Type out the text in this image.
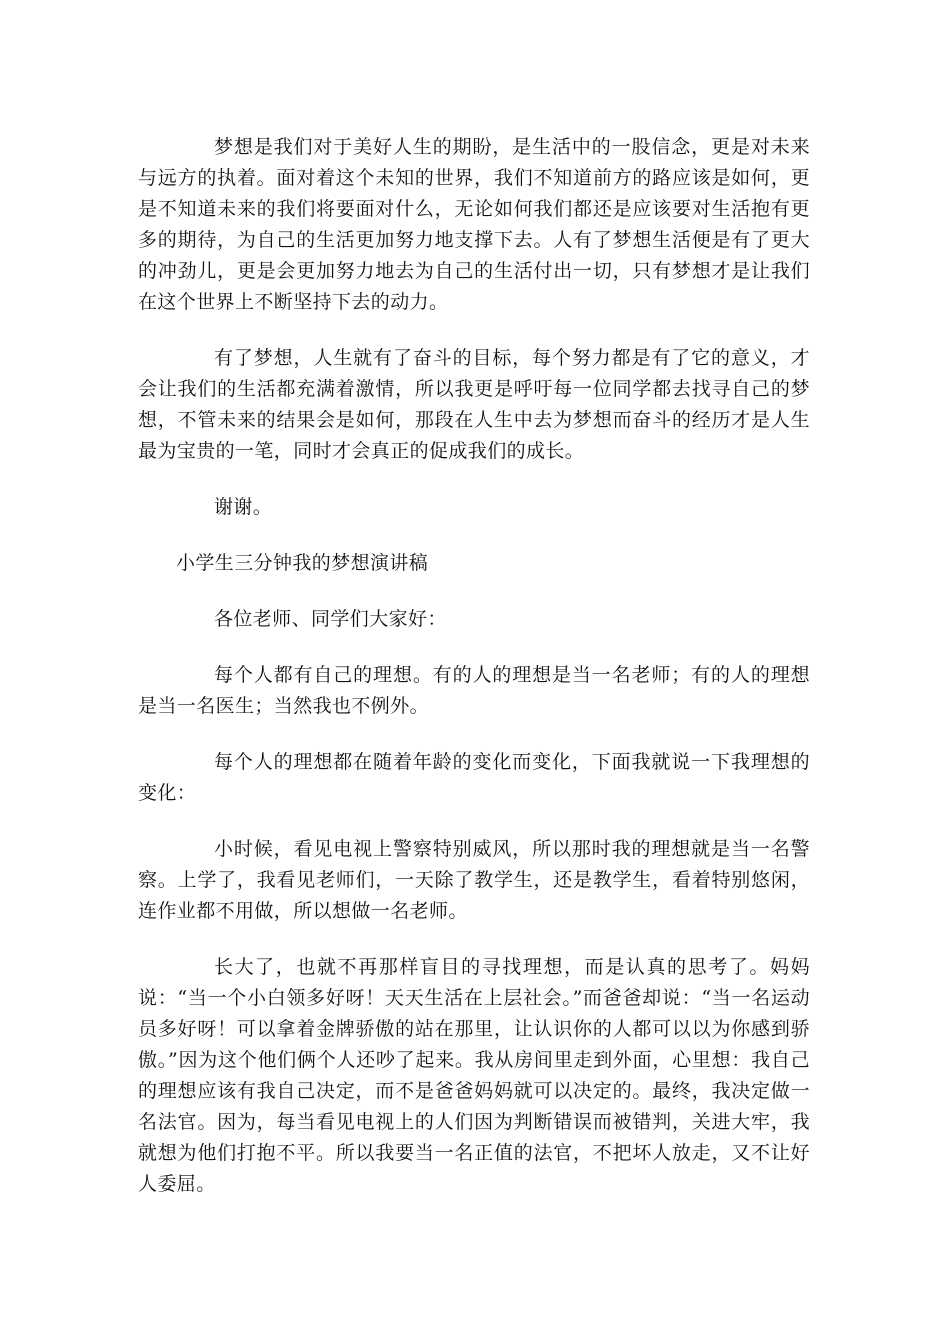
梦想是我们对于美好人生的期盼，是生活中的一股信念，更是对未来与远方的执着。面对着这个未知的世界，我们不知道前方的路应该是如何，更是不知道未来的我们将要面对什么，无论如何我们都还是应该要对生活抱有更多的期待，为自己的生活更加努力地支撑下去。人有了梦想生活便是有了更大的冲劲儿，更是会更加努力地去为自己的生活付出一切，只有梦想才是让我们在这个世界上不断坚持下去的动力。

有了梦想，人生就有了奋斗的目标，每个努力都是有了它的意义，才会让我们的生活都充满着激情，所以我更是呼吁每一位同学都去找寻自己的梦想，不管未来的结果会是如何，那段在人生中去为梦想而奋斗的经历才是人生最为宝贵的一笔，同时才会真正的促成我们的成长。

谢谢。

小学生三分钟我的梦想演讲稿

各位老师、同学们大家好：

每个人都有自己的理想。有的人的理想是当一名老师；有的人的理想是当一名医生；当然我也不例外。

每个人的理想都在随着年龄的变化而变化，下面我就说一下我理想的变化：

小时候，看见电视上警察特别威风，所以那时我的理想就是当一名警察。上学了，我看见老师们，一天除了教学生，还是教学生，看着特别悠闲，连作业都不用做，所以想做一名老师。

长大了，也就不再那样盲目的寻找理想，而是认真的思考了。妈妈说：“当一个小白领多好呀！天天生活在上层社会。”而爸爸却说：“当一名运动员多好呀！可以拿着金牌骄傲的站在那里，让认识你的人都可以以为你感到骄傲。”因为这个他们俩个人还吵了起来。我从房间里走到外面，心里想：我自己的理想应该有我自己决定，而不是爸爸妈妈就可以决定的。最终，我决定做一名法官。因为，每当看见电视上的人们因为判断错误而被错判，关进大牢，我就想为他们打抱不平。所以我要当一名正值的法官，不把坏人放走，又不让好人委屈。
